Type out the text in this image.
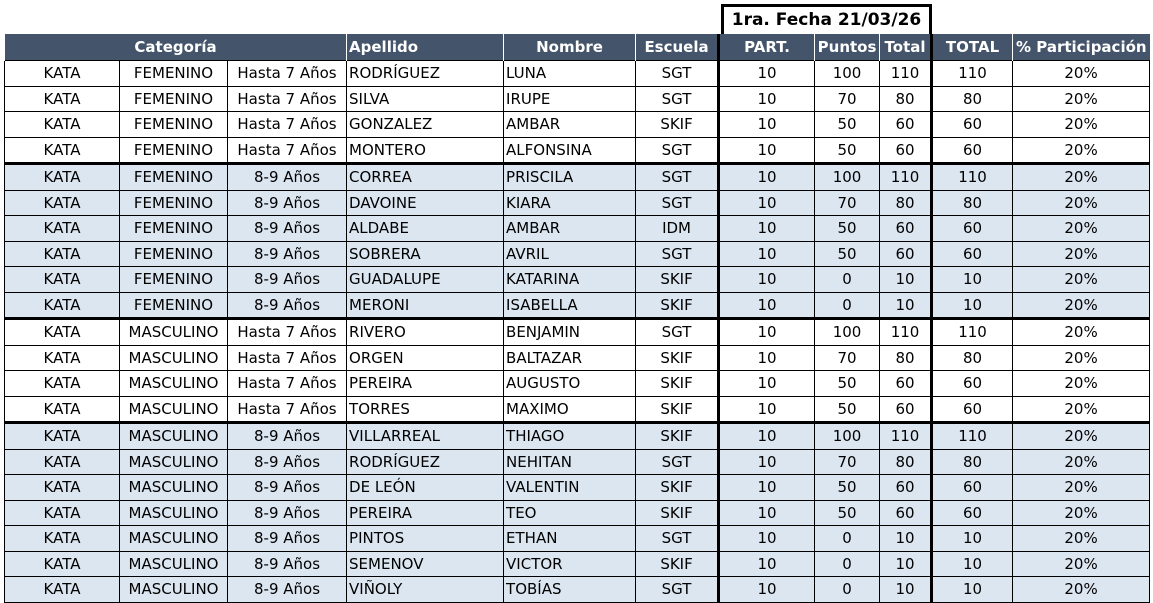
1ra. Fecha 21/03/26
Categoría			Apellido	Nombre	Escuela	PART.	Puntos	Total	TOTAL	% Participación
KATA	FEMENINO	Hasta 7 Años	RODRÍGUEZ	LUNA	SGT	10	100	110	110	20%
KATA	FEMENINO	Hasta 7 Años	SILVA	IRUPE	SGT	10	70	80	80	20%
KATA	FEMENINO	Hasta 7 Años	GONZALEZ	AMBAR	SKIF	10	50	60	60	20%
KATA	FEMENINO	Hasta 7 Años	MONTERO	ALFONSINA	SGT	10	50	60	60	20%
KATA	FEMENINO	8-9 Años	CORREA	PRISCILA	SGT	10	100	110	110	20%
KATA	FEMENINO	8-9 Años	DAVOINE	KIARA	SGT	10	70	80	80	20%
KATA	FEMENINO	8-9 Años	ALDABE	AMBAR	IDM	10	50	60	60	20%
KATA	FEMENINO	8-9 Años	SOBRERA	AVRIL	SGT	10	50	60	60	20%
KATA	FEMENINO	8-9 Años	GUADALUPE	KATARINA	SKIF	10	0	10	10	20%
KATA	FEMENINO	8-9 Años	MERONI	ISABELLA	SKIF	10	0	10	10	20%
KATA	MASCULINO	Hasta 7 Años	RIVERO	BENJAMIN	SGT	10	100	110	110	20%
KATA	MASCULINO	Hasta 7 Años	ORGEN	BALTAZAR	SKIF	10	70	80	80	20%
KATA	MASCULINO	Hasta 7 Años	PEREIRA	AUGUSTO	SKIF	10	50	60	60	20%
KATA	MASCULINO	Hasta 7 Años	TORRES	MAXIMO	SKIF	10	50	60	60	20%
KATA	MASCULINO	8-9 Años	VILLARREAL	THIAGO	SKIF	10	100	110	110	20%
KATA	MASCULINO	8-9 Años	RODRÍGUEZ	NEHITAN	SGT	10	70	80	80	20%
KATA	MASCULINO	8-9 Años	DE LEÓN	VALENTIN	SKIF	10	50	60	60	20%
KATA	MASCULINO	8-9 Años	PEREIRA	TEO	SKIF	10	50	60	60	20%
KATA	MASCULINO	8-9 Años	PINTOS	ETHAN	SGT	10	0	10	10	20%
KATA	MASCULINO	8-9 Años	SEMENOV	VICTOR	SKIF	10	0	10	10	20%
KATA	MASCULINO	8-9 Años	VIÑOLY	TOBÍAS	SGT	10	0	10	10	20%
